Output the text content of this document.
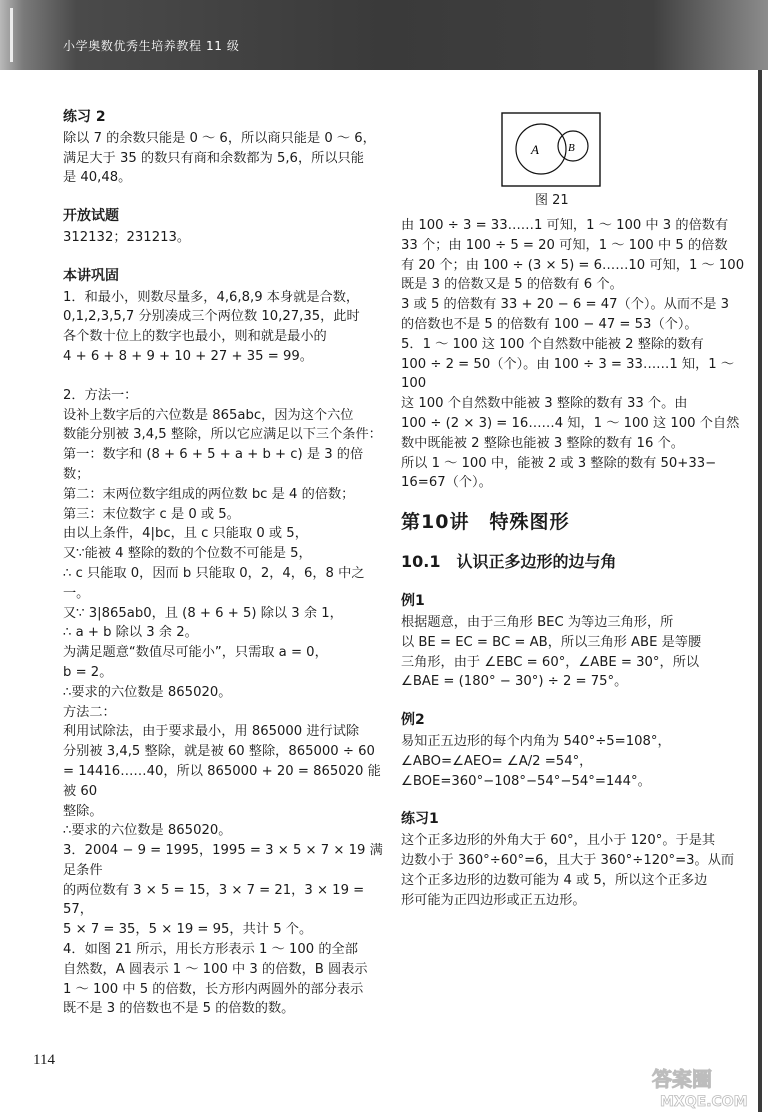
小学奥数优秀生培养教程 11 级

练习 2

除以 7 的余数只能是 0 ～ 6，所以商只能是 0 ～ 6，

满足大于 35 的数只有商和余数都为 5,6，所以只能

是 40,48。

开放试题

312132；231213。

本讲巩固

1．和最小，则数尽量多，4,6,8,9 本身就是合数，

0,1,2,3,5,7 分别凑成三个两位数 10,27,35，此时

各个数十位上的数字也最小，则和就是最小的

4 + 6 + 8 + 9 + 10 + 27 + 35 = 99。

2．方法一：

设补上数字后的六位数是 865abc，因为这个六位

数能分别被 3,4,5 整除，所以它应满足以下三个条件：

第一：数字和 (8 + 6 + 5 + a + b + c) 是 3 的倍数；

第二：末两位数字组成的两位数 bc 是 4 的倍数；

第三：末位数字 c 是 0 或 5。

由以上条件，4|bc，且 c 只能取 0 或 5，

又∵能被 4 整除的数的个位数不可能是 5，

∴ c 只能取 0，因而 b 只能取 0，2，4，6，8 中之一。

又∵ 3|865ab0，且 (8 + 6 + 5) 除以 3 余 1，

∴ a + b 除以 3 余 2。

为满足题意“数值尽可能小”，只需取 a = 0，

b = 2。

∴要求的六位数是 865020。

方法二：

利用试除法，由于要求最小，用 865000 进行试除

分别被 3,4,5 整除，就是被 60 整除，865000 ÷ 60

= 14416……40，所以 865000 + 20 = 865020 能被 60

整除。

∴要求的六位数是 865020。

3．2004 − 9 = 1995，1995 = 3 × 5 × 7 × 19 满足条件

的两位数有 3 × 5 = 15，3 × 7 = 21，3 × 19 = 57，

5 × 7 = 35，5 × 19 = 95，共计 5 个。

4．如图 21 所示，用长方形表示 1 ～ 100 的全部

自然数，A 圆表示 1 ～ 100 中 3 的倍数，B 圆表示

1 ～ 100 中 5 的倍数，长方形内两圆外的部分表示

既不是 3 的倍数也不是 5 的倍数的数。

A	B
图 21

由 100 ÷ 3 = 33……1 可知，1 ～ 100 中 3 的倍数有

33 个；由 100 ÷ 5 = 20 可知，1 ～ 100 中 5 的倍数

有 20 个；由 100 ÷ (3 × 5) = 6……10 可知，1 ～ 100

既是 3 的倍数又是 5 的倍数有 6 个。

3 或 5 的倍数有 33 + 20 − 6 = 47（个）。从而不是 3

的倍数也不是 5 的倍数有 100 − 47 = 53（个）。

5．1 ～ 100 这 100 个自然数中能被 2 整除的数有

100 ÷ 2 = 50（个）。由 100 ÷ 3 = 33……1 知，1 ～ 100

这 100 个自然数中能被 3 整除的数有 33 个。由

100 ÷ (2 × 3) = 16……4 知，1 ～ 100 这 100 个自然

数中既能被 2 整除也能被 3 整除的数有 16 个。

所以 1 ～ 100 中，能被 2 或 3 整除的数有 50+33−

16=67（个）。

第10讲　特殊图形

10.1　认识正多边形的边与角

例1

根据题意，由于三角形 BEC 为等边三角形，所

以 BE = EC = BC = AB，所以三角形 ABE 是等腰

三角形，由于 ∠EBC = 60°，∠ABE = 30°，所以

∠BAE = (180° − 30°) ÷ 2 = 75°。

例2

易知正五边形的每个内角为 540°÷5=108°，

∠ABO=∠AEO= ∠A/2 =54°，

∠BOE=360°−108°−54°−54°=144°。

练习1

这个正多边形的外角大于 60°，且小于 120°。于是其

边数小于 360°÷60°=6，且大于 360°÷120°=3。从而

这个正多边形的边数可能为 4 或 5，所以这个正多边

形可能为正四边形或正五边形。

114
答案圈
MXQE.COM
